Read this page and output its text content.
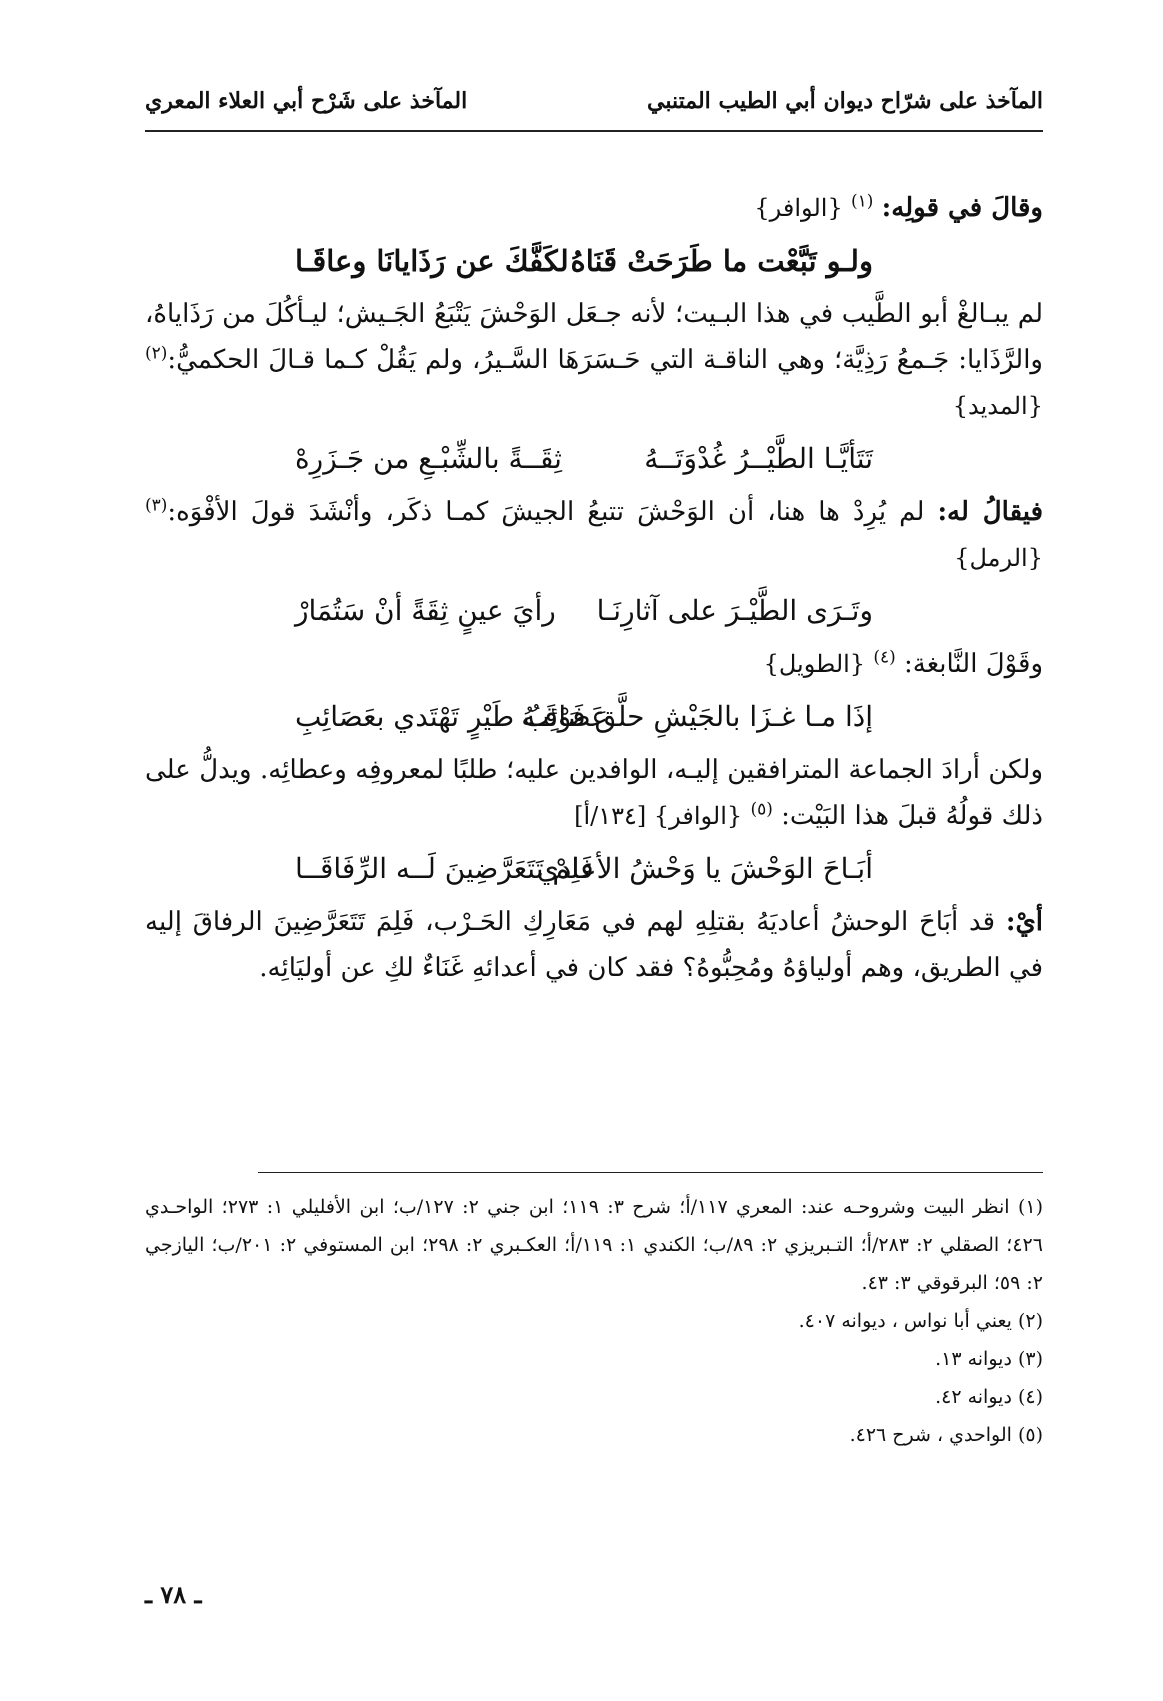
المآخذ على شرّاح ديوان أبي الطيب المتنبي
المآخذ على شَرْح أبي العلاء المعري

وقالَ في قولِه: $^{(١)}$ {الوافر}

ولـو تَبَّعْت ما طَرَحَتْ قَنَاهُ
لكَفَّكَ عن رَذَايانَا وعاقَـا

لم يبـالغْ أبو الطَّيب في هذا البـيت؛ لأنه جـعَل الوَحْشَ يَتْبَعُ الجَـيش؛ ليـأكُلَ من رَذَاياهُ، والرَّذَايا: جَـمعُ رَذِيَّة؛ وهي الناقـة التي حَـسَرَهَا السَّـيرُ، ولم يَقُلْ كـما قـالَ الحكميُّ:$^{(٢)}$ {المديد}

تَتَأيَّـا الطَّيْــرُ غُدْوَتَــهُ
ثِقَــةً بالشِّبْـعِ من جَـزَرِهْ

فيقالُ له: لم يُرِدْ ها هنا، أن الوَحْشَ تتبعُ الجيشَ كمـا ذكَر، وأنْشَدَ قولَ الأفْوَه:$^{(٣)}$ {الرمل}

وتَـرَى الطَّيْـرَ على آثارِنَـا
رأيَ عينٍ ثِقَةً أنْ سَتُمَارْ

وقَوْلَ النَّابغة: $^{(٤)}$ {الطويل}

إذَا مـا غـزَا بالجَيْشِ حلَّقَ فَوْقَـهُ
عَصَائِبُ طَيْرٍ تَهْتَدي بعَصَائِبِ

ولكن أرادَ الجماعة المترافقين إليـه، الوافدين عليه؛ طلبًا لمعروفِه وعطائِه. ويدلُّ على ذلك قولُهُ قبلَ هذا البَيْت: $^{(٥)}$ {الوافر} [١٣٤/أ]

أبَـاحَ الوَحْشَ يا وَحْشُ الأعادي
فَلِمْ تَتَعَرَّضِينَ لَــه الرِّفَاقَــا

أيْ: قد أبَاحَ الوحشُ أعاديَهُ بقتلِهِ لهم في مَعَارِكِ الحَـرْب، فَلِمَ تَتَعَرَّضِينَ الرفاقَ إليه في الطريق، وهم أولياؤهُ ومُحِبُّوهُ؟ فقد كان في أعدائهِ غَنَاءٌ لكِ عن أوليَائِه.

(١) انظر البيت وشروحـه عند: المعري ١١٧/أ؛ شرح ٣: ١١٩؛ ابن جني ٢: ١٢٧/ب؛ ابن الأفليلي ١: ٢٧٣؛ الواحـدي ٤٢٦؛ الصقلي ٢: ٢٨٣/أ؛ التـبريزي ٢: ٨٩/ب؛ الكندي ١: ١١٩/أ؛ العكـبري ٢: ٢٩٨؛ ابن المستوفي ٢: ٢٠١/ب؛ اليازجي ٢: ٥٩؛ البرقوقي ٣: ٤٣.

(٢) يعني أبا نواس ، ديوانه ٤٠٧.

(٣) ديوانه ١٣.

(٤) ديوانه ٤٢.

(٥) الواحدي ، شرح ٤٢٦.

ـ ٧٨ ـ
